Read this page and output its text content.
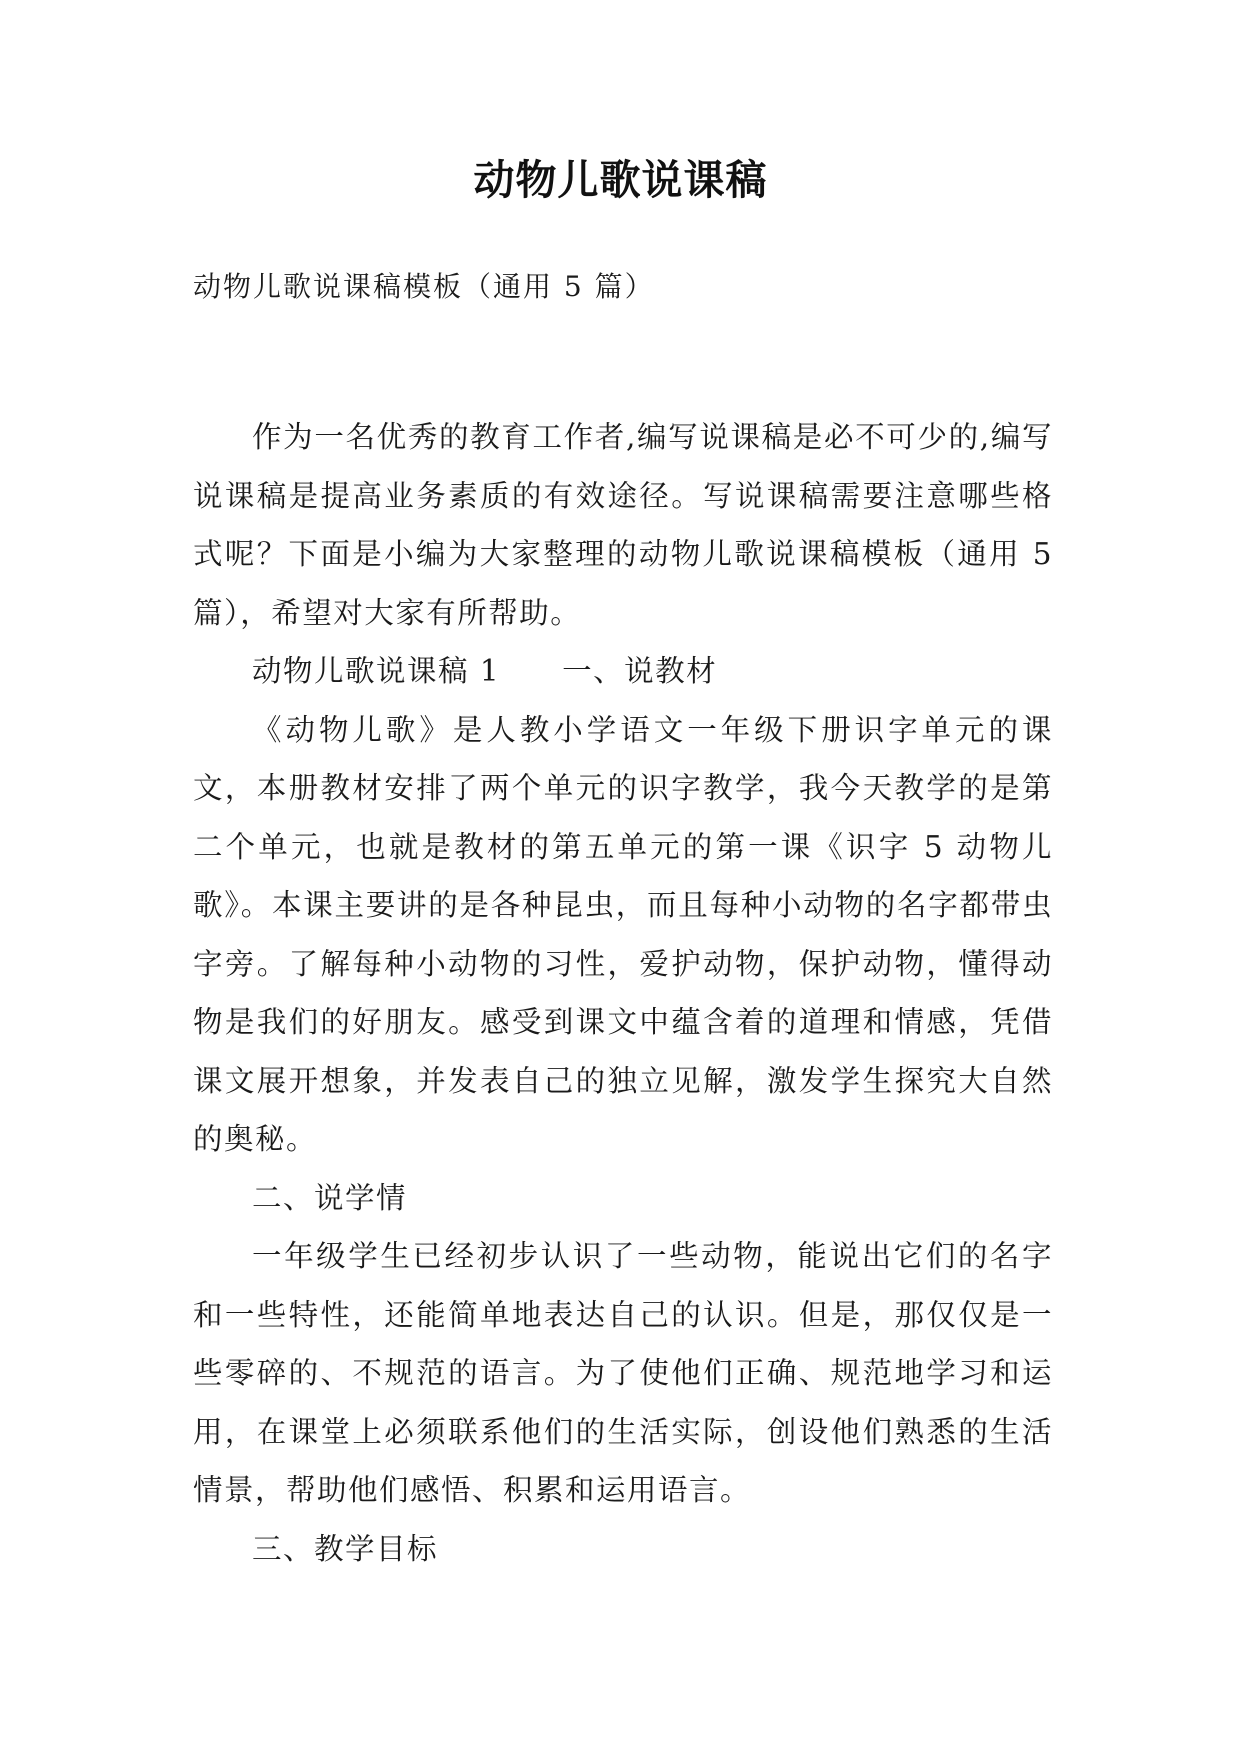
动物儿歌说课稿
动物儿歌说课稿模板（通用 5 篇）

作为一名优秀的教育工作者,编写说课稿是必不可少的,编写说课稿是提高业务素质的有效途径。写说课稿需要注意哪些格式呢？下面是小编为大家整理的动物儿歌说课稿模板（通用 5 篇），希望对大家有所帮助。

动物儿歌说课稿 1 一、说教材

《动物儿歌》是人教小学语文一年级下册识字单元的课文，本册教材安排了两个单元的识字教学，我今天教学的是第二个单元，也就是教材的第五单元的第一课《识字 5 动物儿歌》。本课主要讲的是各种昆虫，而且每种小动物的名字都带虫字旁。了解每种小动物的习性，爱护动物，保护动物，懂得动物是我们的好朋友。感受到课文中蕴含着的道理和情感，凭借课文展开想象，并发表自己的独立见解，激发学生探究大自然的奥秘。

二、说学情

一年级学生已经初步认识了一些动物，能说出它们的名字和一些特性，还能简单地表达自己的认识。但是，那仅仅是一些零碎的、不规范的语言。为了使他们正确、规范地学习和运用，在课堂上必须联系他们的生活实际，创设他们熟悉的生活情景，帮助他们感悟、积累和运用语言。

三、教学目标
